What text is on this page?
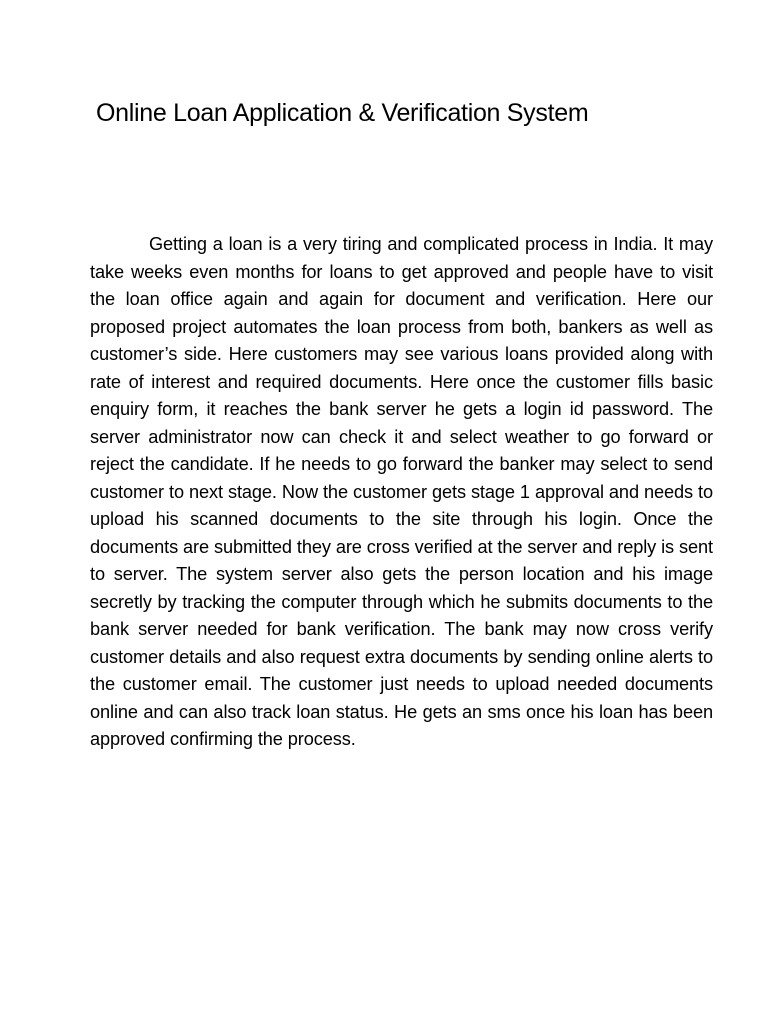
Online Loan Application & Verification System

Getting a loan is a very tiring and complicated process in India. It may take weeks even months for loans to get approved and people have to visit the loan office again and again for document and verification. Here our proposed project automates the loan process from both, bankers as well as customer’s side. Here customers may see various loans provided along with rate of interest and required documents. Here once the customer fills basic enquiry form, it reaches the bank server he gets a login id password. The server administrator now can check it and select weather to go forward or reject the candidate. If he needs to go forward the banker may select to send customer to next stage. Now the customer gets stage 1 approval and needs to upload his scanned documents to the site through his login. Once the documents are submitted they are cross verified at the server and reply is sent to server. The system server also gets the person location and his image secretly by tracking the computer through which he submits documents to the bank server needed for bank verification. The bank may now cross verify customer details and also request extra documents by sending online alerts to the customer email. The customer just needs to upload needed documents online and can also track loan status. He gets an sms once his loan has been approved confirming the process.
